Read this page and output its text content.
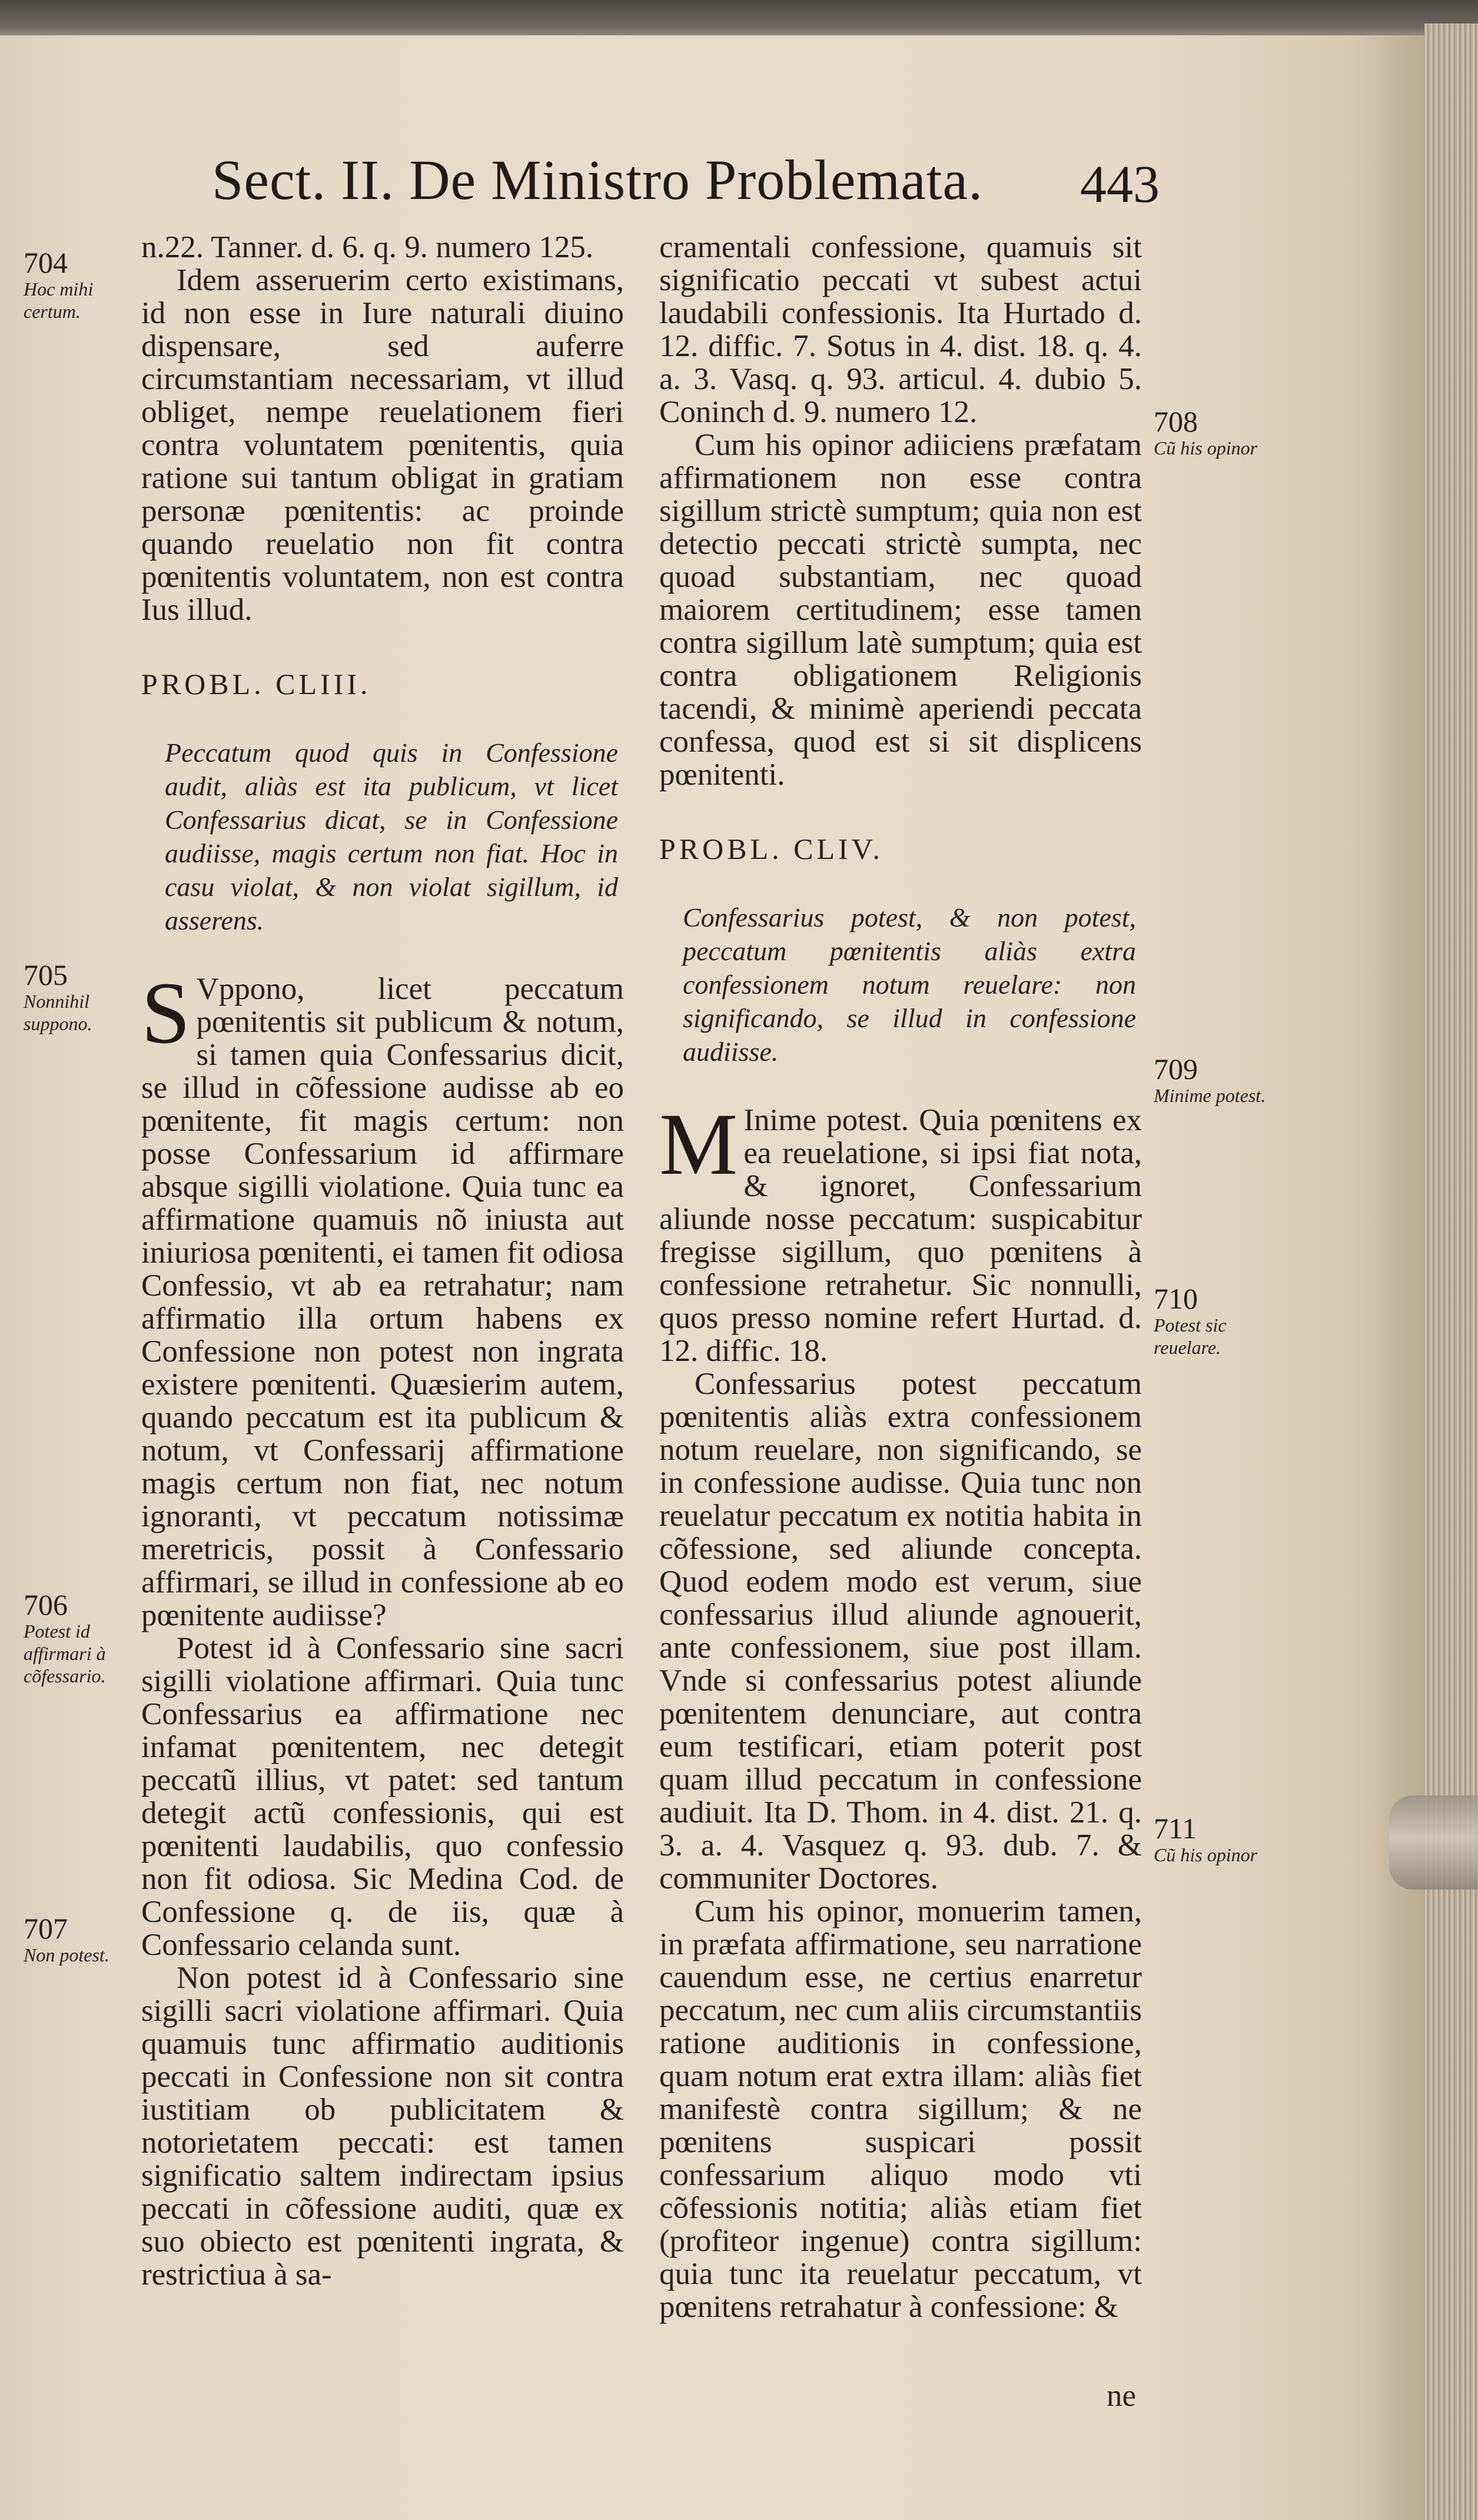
Sect. II. De Ministro Problemata.	443

n.22. Tanner. d. 6. q. 9. numero 125.

Idem asseruerim certo existimans, id non esse in Iure naturali diuino dispensare, sed auferre circumstantiam necessariam, vt illud obliget, nempe reuelationem fieri contra voluntatem pœnitentis, quia ratione sui tantum obligat in gratiam personæ pœnitentis: ac proinde quando reuelatio non fit contra pœnitentis voluntatem, non est contra Ius illud.

PROBL. CLIII.

Peccatum quod quis in Confessione audit, aliàs est ita publicum, vt licet Confessarius dicat, se in Confessione audiisse, magis certum non fiat. Hoc in casu violat, & non violat sigillum, id asserens.

S Vppono, licet peccatum pœnitentis sit publicum & notum, si tamen quia Confessarius dicit, se illud in cõfessione audisse ab eo pœnitente, fit magis certum: non posse Confessarium id affirmare absque sigilli violatione. Quia tunc ea affirmatione quamuis nõ iniusta aut iniuriosa pœnitenti, ei tamen fit odiosa Confessio, vt ab ea retrahatur; nam affirmatio illa ortum habens ex Confessione non potest non ingrata existere pœnitenti. Quæsierim autem, quando peccatum est ita publicum & notum, vt Confessarij affirmatione magis certum non fiat, nec notum ignoranti, vt peccatum notissimæ meretricis, possit à Confessario affirmari, se illud in confessione ab eo pœnitente audiisse?

Potest id à Confessario sine sacri sigilli violatione affirmari. Quia tunc Confessarius ea affirmatione nec infamat pœnitentem, nec detegit peccatũ illius, vt patet: sed tantum detegit actũ confessionis, qui est pœnitenti laudabilis, quo confessio non fit odiosa. Sic Medina Cod. de Confessione q. de iis, quæ à Confessario celanda sunt.

Non potest id à Confessario sine sigilli sacri violatione affirmari. Quia quamuis tunc affirmatio auditionis peccati in Confessione non sit contra iustitiam ob publicitatem & notorietatem peccati: est tamen significatio saltem indirectam ipsius peccati in cõfessione auditi, quæ ex suo obiecto est pœnitenti ingrata, & restrictiua à sa-

cramentali confessione, quamuis sit significatio peccati vt subest actui laudabili confessionis. Ita Hurtado d. 12. diffic. 7. Sotus in 4. dist. 18. q. 4. a. 3. Vasq. q. 93. articul. 4. dubio 5. Coninch d. 9. numero 12.

Cum his opinor adiiciens præfatam affirmationem non esse contra sigillum strictè sumptum; quia non est detectio peccati strictè sumpta, nec quoad substantiam, nec quoad maiorem certitudinem; esse tamen contra sigillum latè sumptum; quia est contra obligationem Religionis tacendi, & minimè aperiendi peccata confessa, quod est si sit displicens pœnitenti.

PROBL. CLIV.

Confessarius potest, & non potest, peccatum pœnitentis aliàs extra confessionem notum reuelare: non significando, se illud in confessione audiisse.

M Inime potest. Quia pœnitens ex ea reuelatione, si ipsi fiat nota, & ignoret, Confessarium aliunde nosse peccatum: suspicabitur fregisse sigillum, quo pœnitens à confessione retrahetur. Sic nonnulli, quos presso nomine refert Hurtad. d. 12. diffic. 18.

Confessarius potest peccatum pœnitentis aliàs extra confessionem notum reuelare, non significando, se in confessione audisse. Quia tunc non reuelatur peccatum ex notitia habita in cõfessione, sed aliunde concepta. Quod eodem modo est verum, siue confessarius illud aliunde agnouerit, ante confessionem, siue post illam. Vnde si confessarius potest aliunde pœnitentem denunciare, aut contra eum testificari, etiam poterit post quam illud peccatum in confessione audiuit. Ita D. Thom. in 4. dist. 21. q. 3. a. 4. Vasquez q. 93. dub. 7. & communiter Doctores.

Cum his opinor, monuerim tamen, in præfata affirmatione, seu narratione cauendum esse, ne certius enarretur peccatum, nec cum aliis circumstantiis ratione auditionis in confessione, quam notum erat extra illam: aliàs fiet manifestè contra sigillum; & ne pœnitens suspicari possit confessarium aliquo modo vti cõfessionis notitia; aliàs etiam fiet (profiteor ingenue) contra sigillum: quia tunc ita reuelatur peccatum, vt pœnitens retrahatur à confessione: &

ne
704
Hoc mihi certum.
705
Nonnihil suppono.
706
Potest id affirmari à cõfessario.
707
Non potest.
708
Cũ his opinor
709
Minime potest.
710
Potest sic reuelare.
711
Cũ his opinor
